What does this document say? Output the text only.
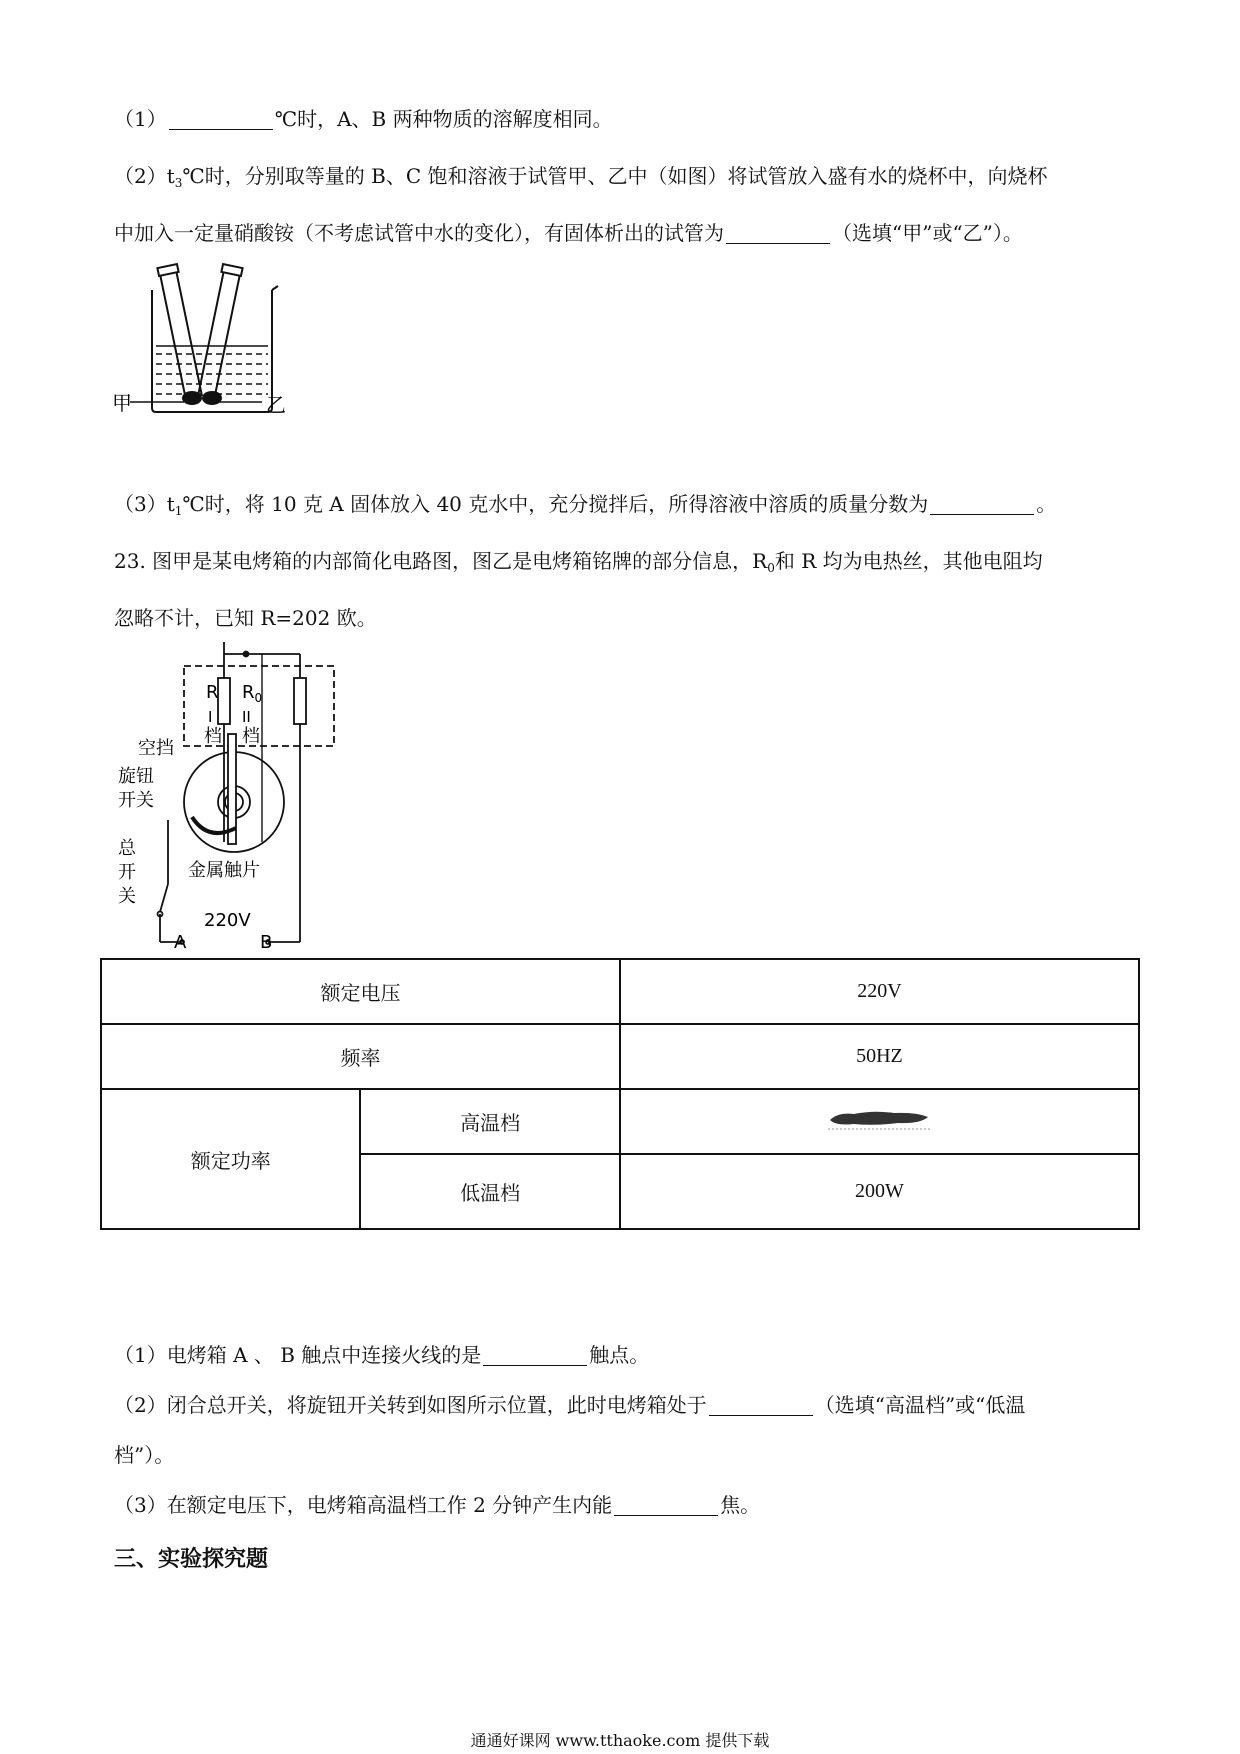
（1）	℃时，A、B 两种物质的溶解度相同。
$(2)t_3℃$时，分别取等量的 B、C 饱和溶液于试管甲、乙中（如图）将试管放入盛有水的烧杯中，向烧杯
中加入一定量硝酸铵（不考虑试管中水的变化），有固体析出的试管为	（选填“甲”或“乙”）。
甲	乙
$(3)t_1℃$时，将 10 克 A 固体放入 40 克水中，充分搅拌后，所得溶液中溶质的质量分数为	。
23. 图甲是某电烤箱的内部简化电路图，图乙是电烤箱铭牌的部分信息，$R_0$和 R 均为电热丝，其他电阻均
忽略不计，已知 R=202 欧。
R
I
档
$R_0$
II
档
空挡
旋钮
开关
总
开
关
金属触片
220V
A	B
额定电压		220V
频率		50HZ
额定功率	高温档	
	低温档	200W
（1）电烤箱 A 、 B 触点中连接火线的是	触点。
（2）闭合总开关，将旋钮开关转到如图所示位置，此时电烤箱处于	（选填“高温档”或“低温
档”）。
（3）在额定电压下，电烤箱高温档工作 2 分钟产生内能	焦。
三、实验探究题
通通好课网 www.tthaoke.com 提供下载
